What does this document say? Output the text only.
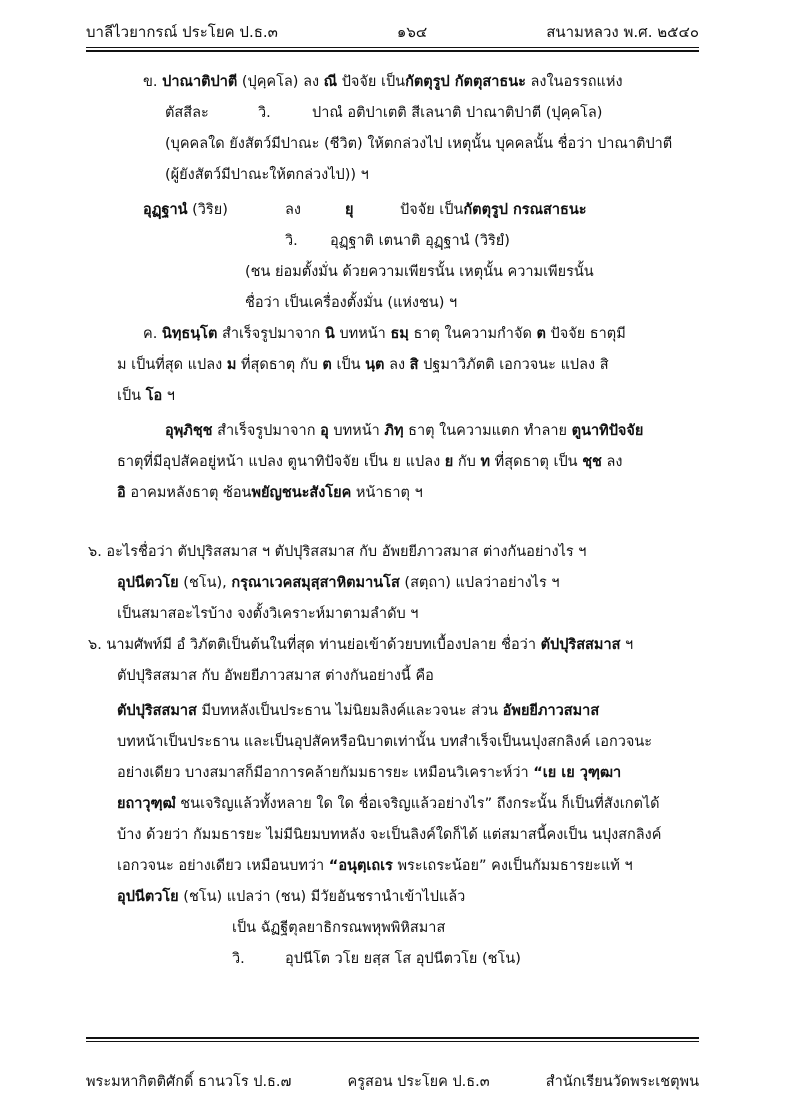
บาลีไวยากรณ์ ประโยค ป.ธ.๓	๑๖๔	สนามหลวง พ.ศ. ๒๕๔๐
ข. ปาณาติปาตี (ปุคฺคโล) ลง ณี ปัจจัย เป็นกัตตุรูป กัตตุสาธนะ ลงในอรรถแห่ง
ตัสสีละ	วิ.	ปาณํ อติปาเตติ สีเลนาติ ปาณาติปาตี (ปุคฺคโล)
(บุคคลใด ยังสัตว์มีปาณะ (ชีวิต) ให้ตกล่วงไป เหตุนั้น บุคคลนั้น ชื่อว่า ปาณาติปาตี
(ผู้ยังสัตว์มีปาณะให้ตกล่วงไป)) ฯ
อุฏฺฐานํ (วิริย)	ลง	ยุ	ปัจจัย เป็นกัตตุรูป กรณสาธนะ
วิ. อุฏฺฐาติ เตนาติ อุฏฺฐานํ (วิริยํ)
(ชน ย่อมตั้งมั่น ด้วยความเพียรนั้น เหตุนั้น ความเพียรนั้น
ชื่อว่า เป็นเครื่องตั้งมั่น (แห่งชน) ฯ
ค. นิทฺธนฺโต สำเร็จรูปมาจาก นิ บทหน้า ธมฺ ธาตุ ในความกำจัด ต ปัจจัย ธาตุมี
ม เป็นที่สุด แปลง ม ที่สุดธาตุ กับ ต เป็น นฺต ลง สิ ปฐมาวิภัตติ เอกวจนะ แปลง สิ
เป็น โอ ฯ
อุพฺภิชฺช สำเร็จรูปมาจาก อุ บทหน้า ภิทฺ ธาตุ ในความแตก ทำลาย ตูนาทิปัจจัย
ธาตุที่มีอุปสัคอยู่หน้า แปลง ตูนาทิปัจจัย เป็น ย แปลง ย กับ ท ที่สุดธาตุ เป็น ชฺช ลง
อิ อาคมหลังธาตุ ซ้อนพยัญชนะสังโยค หน้าธาตุ ฯ
๖. อะไรชื่อว่า ตัปปุริสสมาส ฯ ตัปปุริสสมาส กับ อัพยยีภาวสมาส ต่างกันอย่างไร ฯ
อุปนีตวโย (ชโน), กรุณาเวคสมุสฺสาหิตมานโส (สตฺถา) แปลว่าอย่างไร ฯ
เป็นสมาสอะไรบ้าง จงตั้งวิเคราะห์มาตามลำดับ ฯ
๖. นามศัพท์มี อํ วิภัตติเป็นต้นในที่สุด ท่านย่อเข้าด้วยบทเบื้องปลาย ชื่อว่า ตัปปุริสสมาส ฯ
ตัปปุริสสมาส กับ อัพยยีภาวสมาส ต่างกันอย่างนี้ คือ
ตัปปุริสสมาส มีบทหลังเป็นประธาน ไม่นิยมลิงค์และวจนะ ส่วน อัพยยีภาวสมาส
บทหน้าเป็นประธาน และเป็นอุปสัคหรือนิบาตเท่านั้น บทสำเร็จเป็นนปุงสกลิงค์ เอกวจนะ
อย่างเดียว บางสมาสก็มีอาการคล้ายกัมมธารยะ เหมือนวิเคราะห์ว่า “เย เย วุฑฺฒา
ยถาวุฑฺฒํ ชนเจริญแล้วทั้งหลาย ใด ใด ชื่อเจริญแล้วอย่างไร” ถึงกระนั้น ก็เป็นที่สังเกตได้
บ้าง ด้วยว่า กัมมธารยะ ไม่มีนิยมบทหลัง จะเป็นลิงค์ใดก็ได้ แต่สมาสนี้คงเป็น นปุงสกลิงค์
เอกวจนะ อย่างเดียว เหมือนบทว่า “อนุตฺเถเร พระเถระน้อย” คงเป็นกัมมธารยะแท้ ฯ
อุปนีตวโย (ชโน) แปลว่า (ชน) มีวัยอันชรานำเข้าไปแล้ว
เป็น ฉัฏฐีตุลยาธิกรณพหุพพิหิสมาส
วิ.	อุปนีโต วโย ยสฺส โส อุปนีตวโย (ชโน)
พระมหากิตติศักดิ์ ธานวโร ป.ธ.๗	ครูสอน ประโยค ป.ธ.๓	สำนักเรียนวัดพระเชตุพน
